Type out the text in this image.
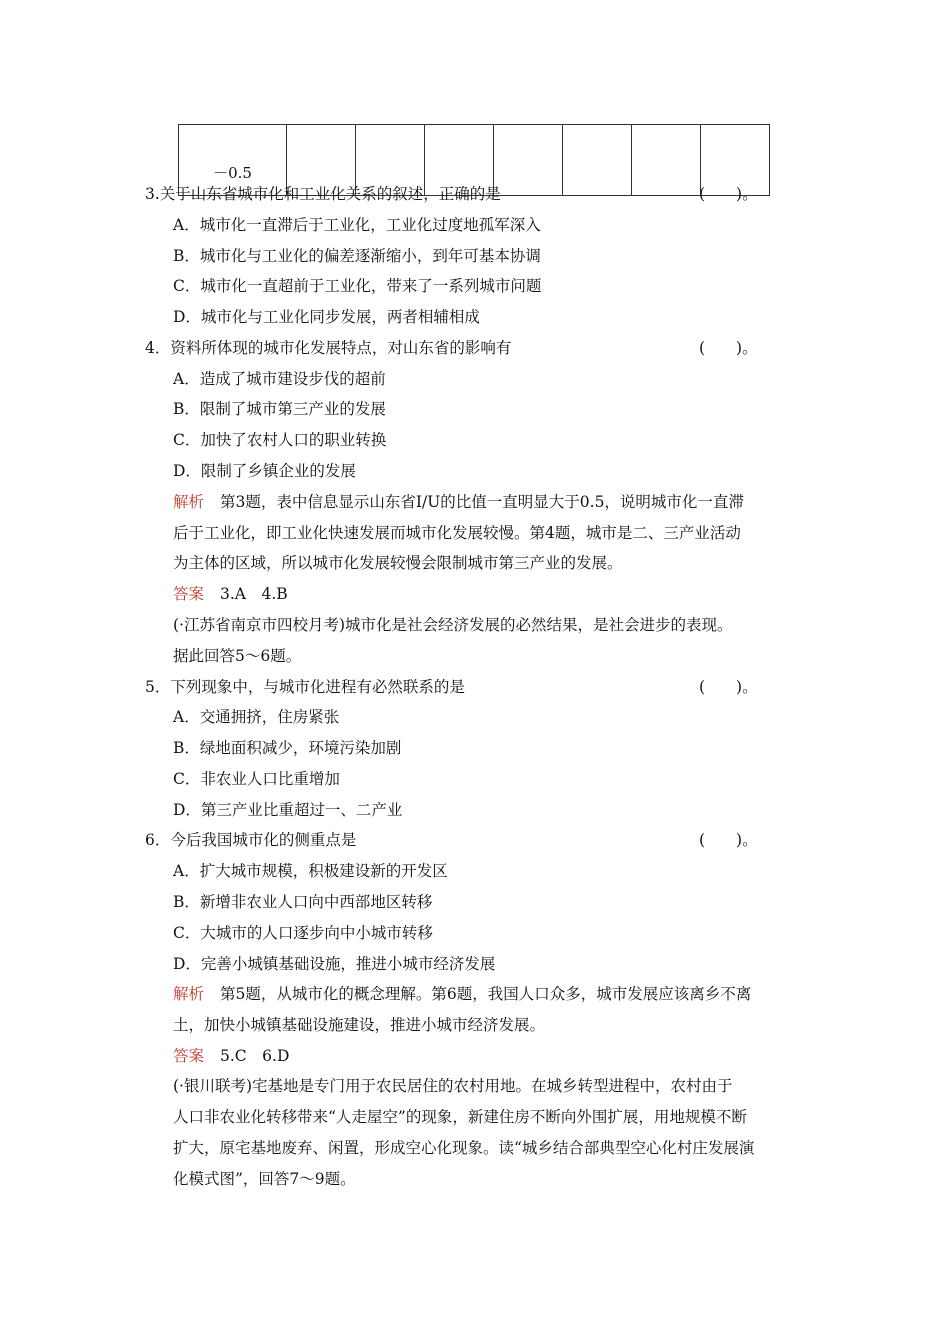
－0.5							
3.关于山东省城市化和工业化关系的叙述，正确的是	(　　)。
A．城市化一直滞后于工业化，工业化过度地孤军深入
B．城市化与工业化的偏差逐渐缩小，到年可基本协调
C．城市化一直超前于工业化，带来了一系列城市问题
D．城市化与工业化同步发展，两者相辅相成
4．资料所体现的城市化发展特点，对山东省的影响有	(　　)。
A．造成了城市建设步伐的超前
B．限制了城市第三产业的发展
C．加快了农村人口的职业转换
D．限制了乡镇企业的发展
解析 第3题，表中信息显示山东省I/U的比值一直明显大于0.5，说明城市化一直滞
后于工业化，即工业化快速发展而城市化发展较慢。第4题，城市是二、三产业活动
为主体的区域，所以城市化发展较慢会限制城市第三产业的发展。
答案 3.A　4.B
(·江苏省南京市四校月考)城市化是社会经济发展的必然结果，是社会进步的表现。
据此回答5～6题。
5．下列现象中，与城市化进程有必然联系的是	(　　)。
A．交通拥挤，住房紧张
B．绿地面积减少，环境污染加剧
C．非农业人口比重增加
D．第三产业比重超过一、二产业
6．今后我国城市化的侧重点是	(　　)。
A．扩大城市规模，积极建设新的开发区
B．新增非农业人口向中西部地区转移
C．大城市的人口逐步向中小城市转移
D．完善小城镇基础设施，推进小城市经济发展
解析 第5题，从城市化的概念理解。第6题，我国人口众多，城市发展应该离乡不离
土，加快小城镇基础设施建设，推进小城市经济发展。
答案 5.C　6.D
(·银川联考)宅基地是专门用于农民居住的农村用地。在城乡转型进程中，农村由于
人口非农业化转移带来“人走屋空”的现象，新建住房不断向外围扩展，用地规模不断
扩大，原宅基地废弃、闲置，形成空心化现象。读“城乡结合部典型空心化村庄发展演
化模式图”，回答7～9题。
